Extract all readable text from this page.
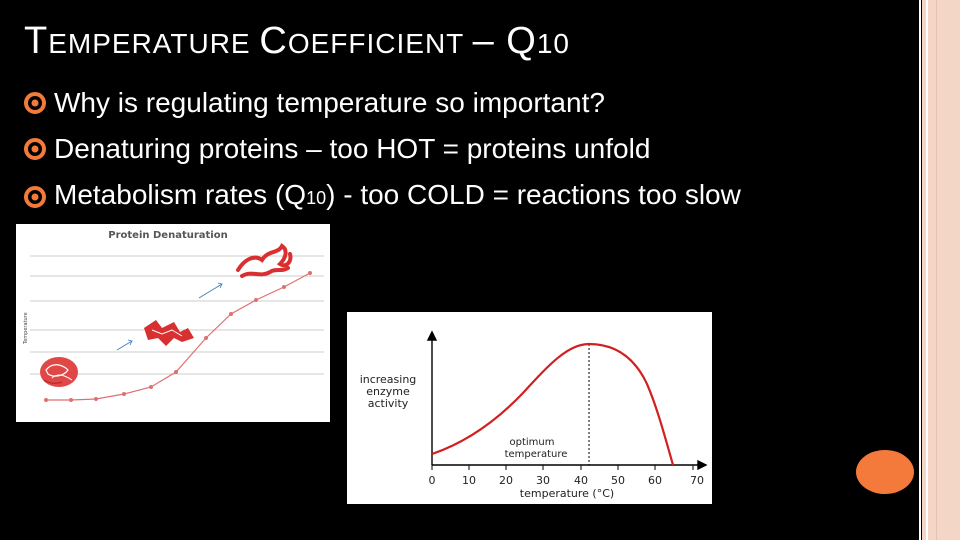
TEMPERATURE COEFFICIENT – Q10
Why is regulating temperature so important?
Denaturing proteins – too HOT = proteins unfold
Metabolism rates (Q10) - too COLD = reactions too slow
Protein Denaturation
Temperature
0 10 20 30 40 50 60	70
temperature (°C)
increasing
enzyme
activity
optimum
temperature
